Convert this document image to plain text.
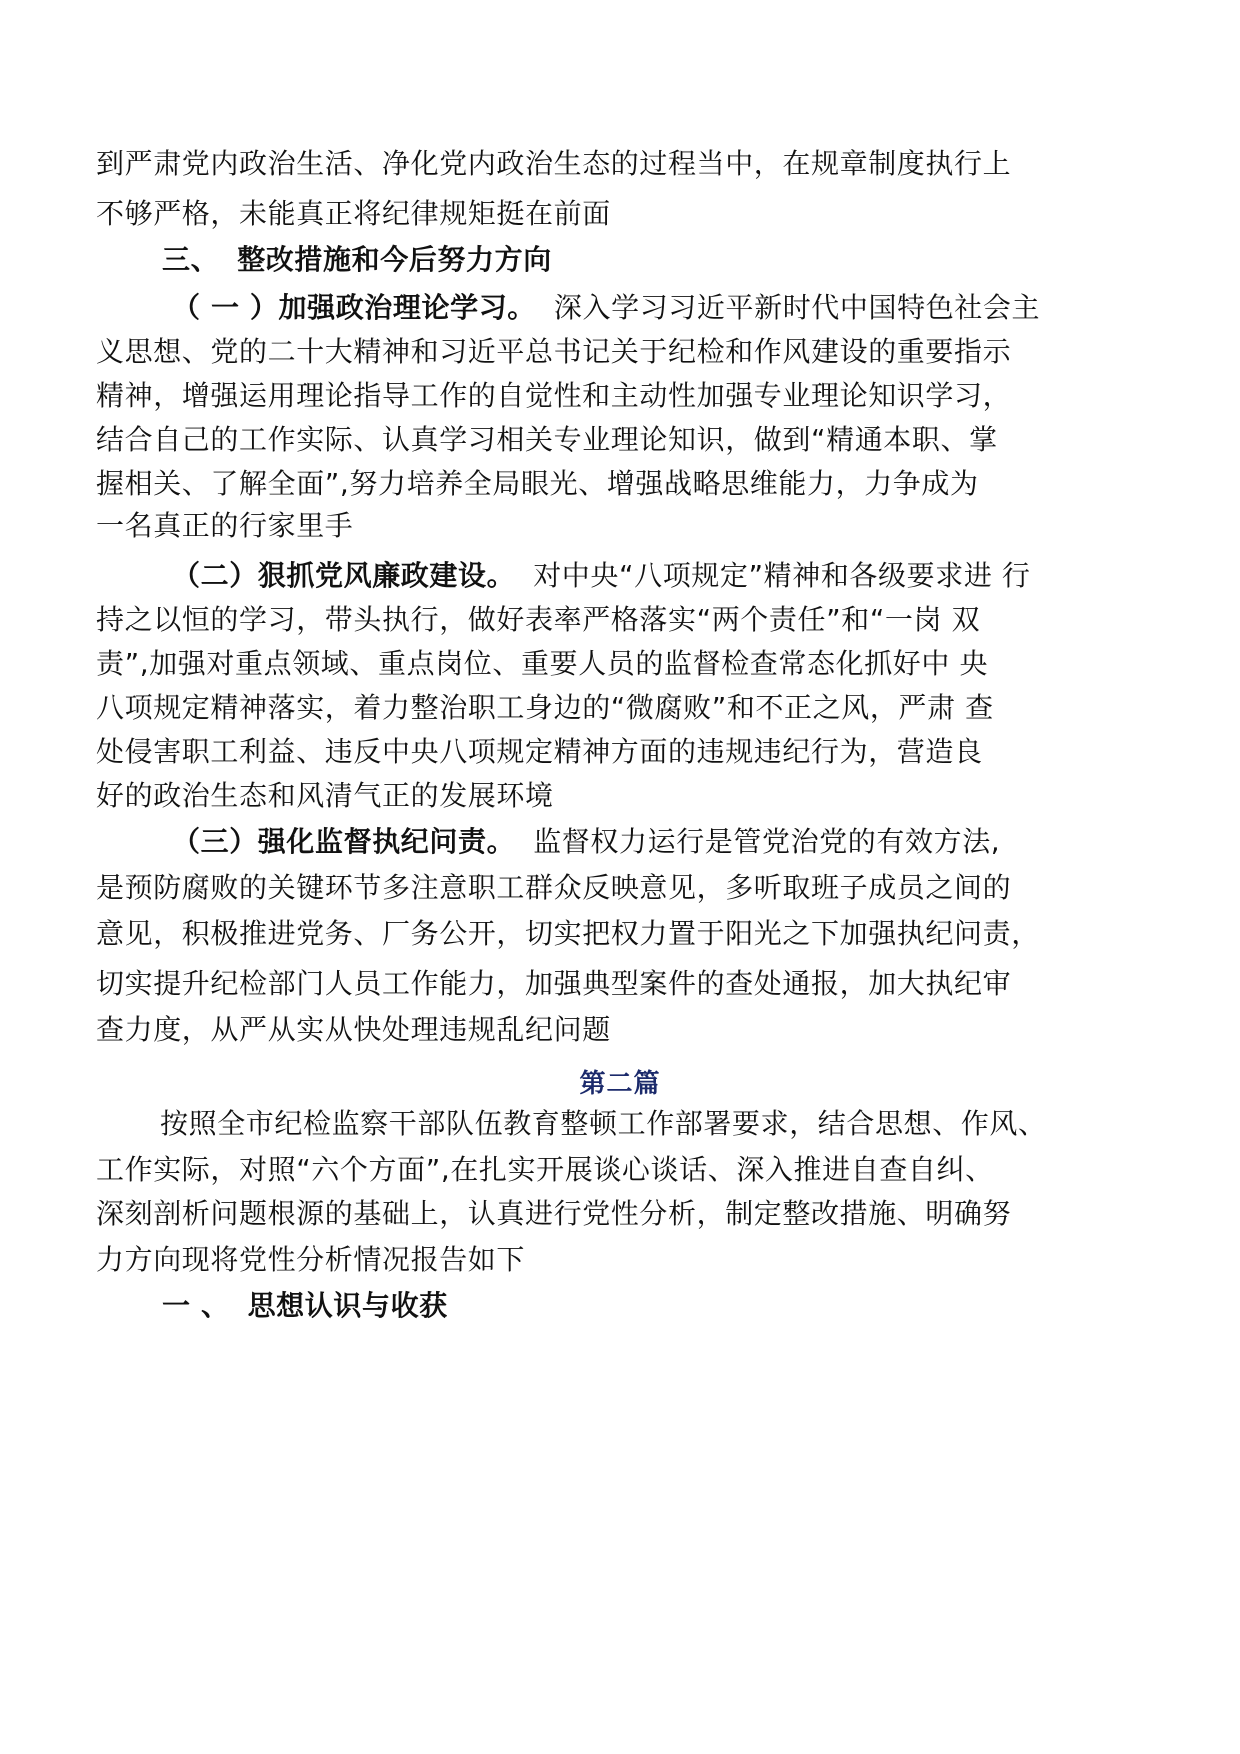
到严肃党内政治生活、净化党内政治生态的过程当中，在规章制度执行上
不够严格，未能真正将纪律规矩挺在前面
三、 整改措施和今后努力方向
（ 一 ）加强政治理论学习。 深入学习习近平新时代中国特色社会主
义思想、党的二十大精神和习近平总书记关于纪检和作风建设的重要指示
精神，增强运用理论指导工作的自觉性和主动性加强专业理论知识学习，
结合自己的工作实际、认真学习相关专业理论知识，做到“精通本职、掌
握相关、了解全面”,努力培养全局眼光、增强战略思维能力，力争成为
一名真正的行家里手
（二）狠抓党风廉政建设。 对中央“八项规定”精神和各级要求进 行
持之以恒的学习，带头执行，做好表率严格落实“两个责任”和“一岗 双
责”,加强对重点领域、重点岗位、重要人员的监督检查常态化抓好中 央
八项规定精神落实，着力整治职工身边的“微腐败”和不正之风，严肃 查
处侵害职工利益、违反中央八项规定精神方面的违规违纪行为，营造良
好的政治生态和风清气正的发展环境
（三）强化监督执纪问责。 监督权力运行是管党治党的有效方法,
是预防腐败的关键环节多注意职工群众反映意见，多听取班子成员之间的
意见，积极推进党务、厂务公开，切实把权力置于阳光之下加强执纪问责，
切实提升纪检部门人员工作能力，加强典型案件的查处通报，加大执纪审
查力度，从严从实从快处理违规乱纪问题
第二篇
按照全市纪检监察干部队伍教育整顿工作部署要求，结合思想、作风、
工作实际，对照“六个方面”,在扎实开展谈心谈话、深入推进自查自纠、
深刻剖析问题根源的基础上，认真进行党性分析，制定整改措施、明确努
力方向现将党性分析情况报告如下
一 、 思想认识与收获
